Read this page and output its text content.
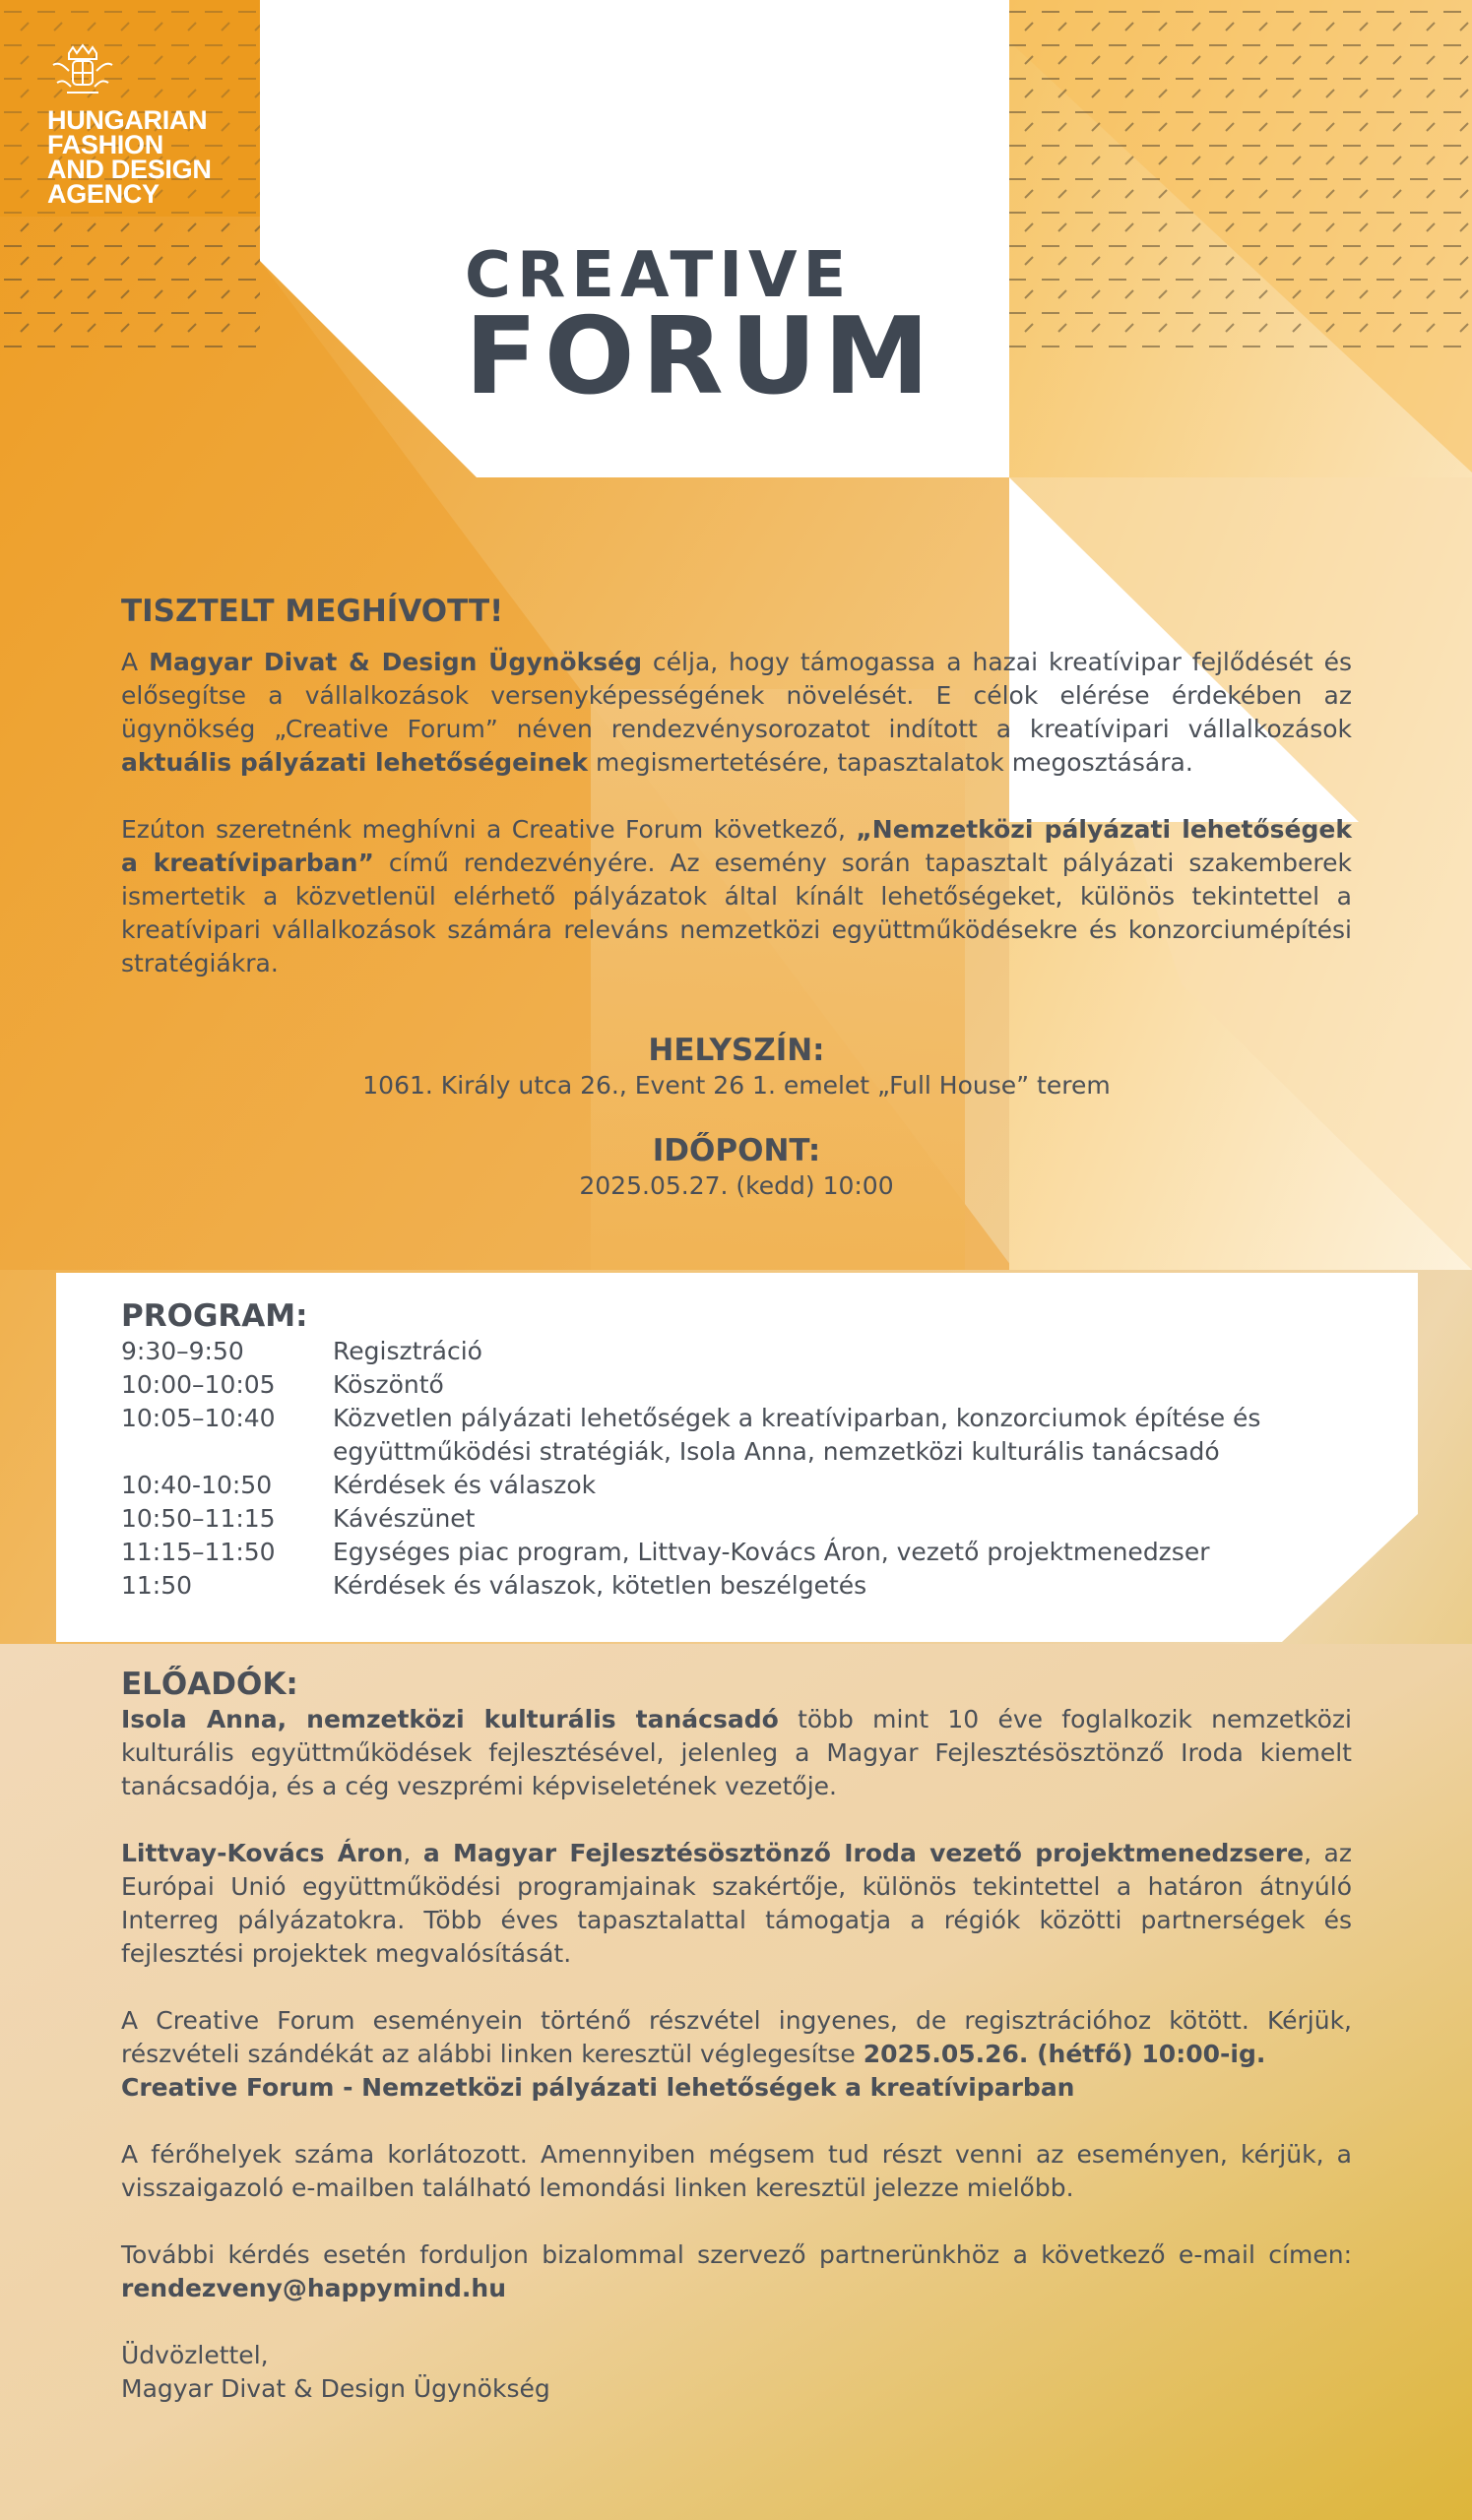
HUNGARIAN
FASHION
AND DESIGN
AGENCY
CREATIVE
FORUM
TISZTELT MEGHÍVOTT!

A Magyar Divat & Design Ügynökség célja, hogy támogassa a hazai kreatívipar fejlődését és elősegítse a vállalkozások versenyképességének növelését. E célok elérése érdekében az ügynökség „Creative Forum” néven rendezvénysorozatot indított a kreatívipari vállalkozások aktuális pályázati lehetőségeinek megismertetésére, tapasztalatok megosztására.

Ezúton szeretnénk meghívni a Creative Forum következő, „Nemzetközi pályázati lehetőségek a kreatíviparban” című rendezvényére. Az esemény során tapasztalt pályázati szakemberek ismertetik a közvetlenül elérhető pályázatok által kínált lehetőségeket, különös tekintettel a kreatívipari vállalkozások számára releváns nemzetközi együttműködésekre és konzorciumépítési stratégiákra.

HELYSZÍN:
1061. Király utca 26., Event 26 1. emelet „Full House” terem
IDŐPONT:
2025.05.27. (kedd) 10:00
PROGRAM:
9:30–9:50	Regisztráció
10:00–10:05	Köszöntő
10:05–10:40	Közvetlen pályázati lehetőségek a kreatíviparban, konzorciumok építése és együttműködési stratégiák, Isola Anna, nemzetközi kulturális tanácsadó
10:40-10:50	Kérdések és válaszok
10:50–11:15	Kávészünet
11:15–11:50	Egységes piac program, Littvay-Kovács Áron, vezető projektmenedzser
11:50	Kérdések és válaszok, kötetlen beszélgetés
ELŐADÓK:

Isola Anna, nemzetközi kulturális tanácsadó több mint 10 éve foglalkozik nemzetközi kulturális együttműködések fejlesztésével, jelenleg a Magyar Fejlesztésösztönző Iroda kiemelt tanácsadója, és a cég veszprémi képviseletének vezetője.

Littvay-Kovács Áron, a Magyar Fejlesztésösztönző Iroda vezető projektmenedzsere, az Európai Unió együttműködési programjainak szakértője, különös tekintettel a határon átnyúló Interreg pályázatokra. Több éves tapasztalattal támogatja a régiók közötti partnerségek és fejlesztési projektek megvalósítását.

A Creative Forum eseményein történő részvétel ingyenes, de regisztrációhoz kötött. Kérjük, részvételi szándékát az alábbi linken keresztül véglegesítse 2025.05.26. (hétfő) 10:00-ig.
Creative Forum - Nemzetközi pályázati lehetőségek a kreatíviparban

A férőhelyek száma korlátozott. Amennyiben mégsem tud részt venni az eseményen, kérjük, a visszaigazoló e-mailben található lemondási linken keresztül jelezze mielőbb.

További kérdés esetén forduljon bizalommal szervező partnerünkhöz a következő e-mail címen: rendezveny@happymind.hu

Üdvözlettel,
Magyar Divat & Design Ügynökség
